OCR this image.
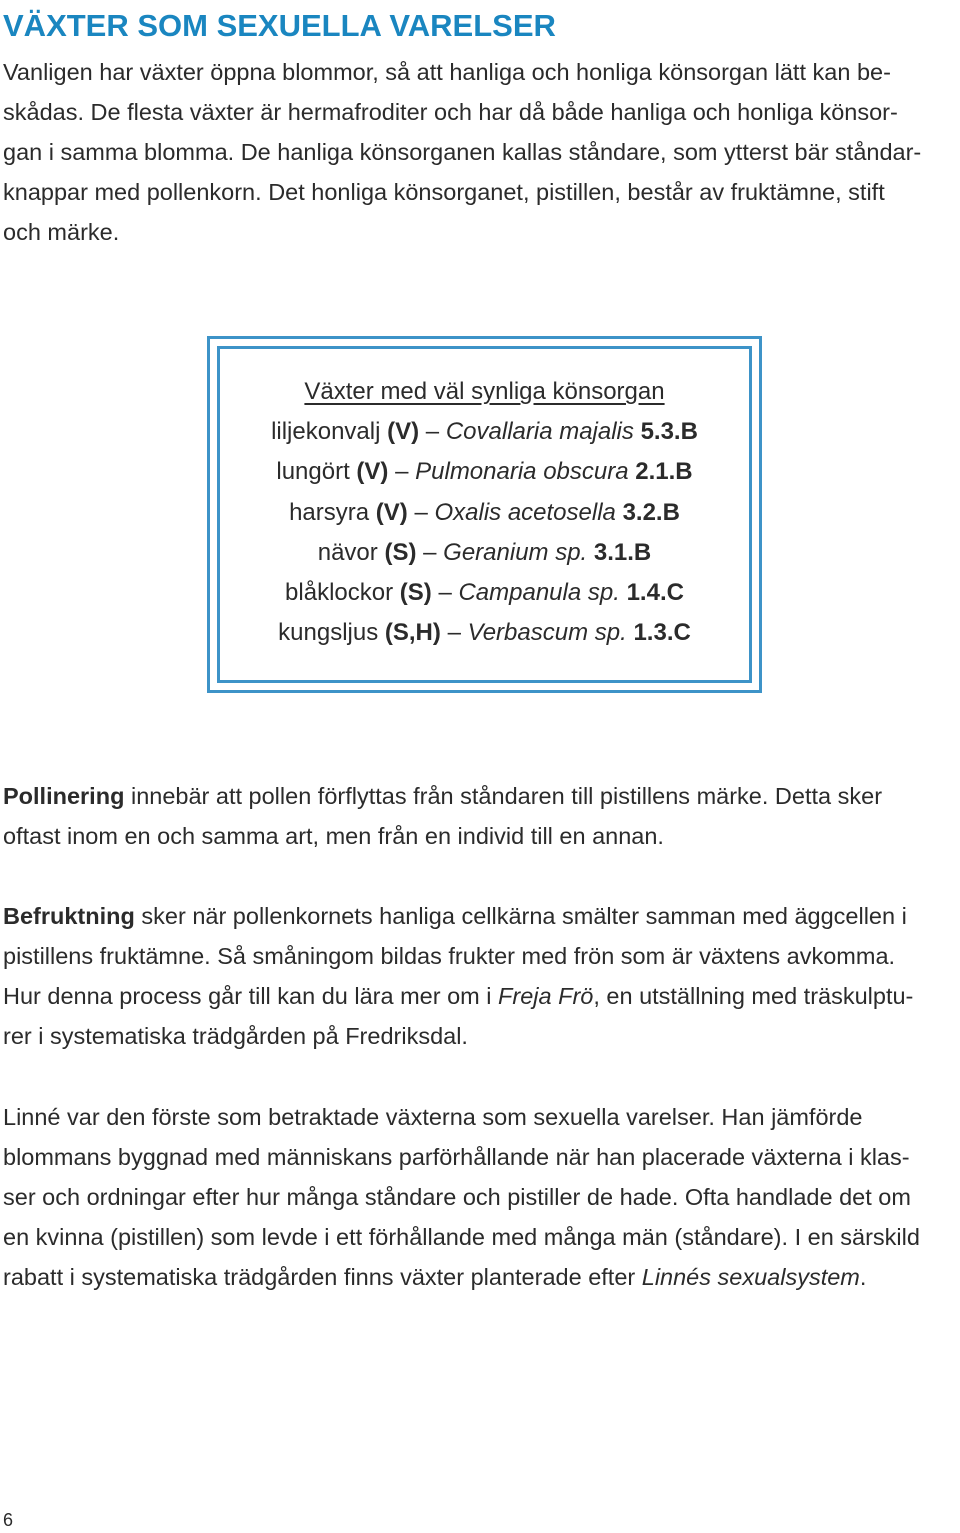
VÄXTER SOM SEXUELLA VARELSER
Vanligen har växter öppna blommor, så att hanliga och honliga könsorgan lätt kan be-
skådas. De flesta växter är hermafroditer och har då både hanliga och honliga könsor-
gan i samma blomma. De hanliga könsorganen kallas ståndare, som ytterst bär ståndar-
knappar med pollenkorn. Det honliga könsorganet, pistillen, består av fruktämne, stift
och märke.
Växter med väl synliga könsorgan
liljekonvalj (V) – Covallaria majalis 5.3.B
lungört (V) – Pulmonaria obscura 2.1.B
harsyra (V) – Oxalis acetosella 3.2.B
nävor (S) – Geranium sp. 3.1.B
blåklockor (S) – Campanula sp. 1.4.C
kungsljus (S,H) – Verbascum sp. 1.3.C
Pollinering innebär att pollen förflyttas från ståndaren till pistillens märke. Detta sker
oftast inom en och samma art, men från en individ till en annan.
Befruktning sker när pollenkornets hanliga cellkärna smälter samman med äggcellen i
pistillens fruktämne. Så småningom bildas frukter med frön som är växtens avkomma.
Hur denna process går till kan du lära mer om i Freja Frö, en utställning med träskulptu-
rer i systematiska trädgården på Fredriksdal.
Linné var den förste som betraktade växterna som sexuella varelser. Han jämförde
blommans byggnad med människans parförhållande när han placerade växterna i klas-
ser och ordningar efter hur många ståndare och pistiller de hade. Ofta handlade det om
en kvinna (pistillen) som levde i ett förhållande med många män (ståndare). I en särskild
rabatt i systematiska trädgården finns växter planterade efter Linnés sexualsystem.
6
